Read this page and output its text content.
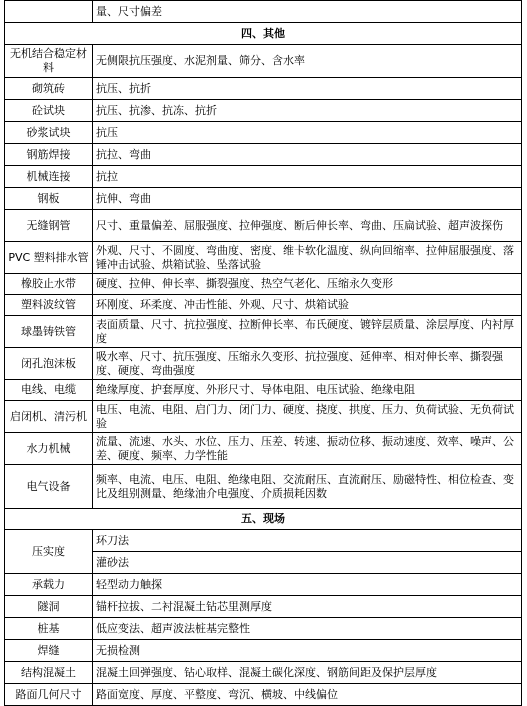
	量、尺寸偏差
四、其他	
无机结合稳定材料	无侧限抗压强度、水泥剂量、筛分、含水率
砌筑砖	抗压、抗折
砼试块	抗压、抗渗、抗冻、抗折
砂浆试块	抗压
钢筋焊接	抗拉、弯曲
机械连接	抗拉
钢板	抗伸、弯曲
无缝钢管	尺寸、重量偏差、屈服强度、拉伸强度、断后伸长率、弯曲、压扁试验、超声波探伤
PVC 塑料排水管	外观、尺寸、不圆度、弯曲度、密度、维卡软化温度、纵向回缩率、拉伸屈服强度、落锤冲击试验、烘箱试验、坠落试验
橡胶止水带	硬度、拉伸、伸长率、撕裂强度、热空气老化、压缩永久变形
塑料波纹管	环刚度、环柔度、冲击性能、外观、尺寸、烘箱试验
球墨铸铁管	表面质量、尺寸、抗拉强度、拉断伸长率、布氏硬度、镀锌层质量、涂层厚度、内衬厚度
闭孔泡沫板	吸水率、尺寸、抗压强度、压缩永久变形、抗拉强度、延伸率、相对伸长率、撕裂强度、硬度、弯曲强度
电线、电缆	绝缘厚度、护套厚度、外形尺寸、导体电阻、电压试验、绝缘电阻
启闭机、清污机	电压、电流、电阻、启门力、闭门力、硬度、挠度、拱度、压力、负荷试验、无负荷试验
水力机械	流量、流速、水头、水位、压力、压差、转速、振动位移、振动速度、效率、噪声、公差、硬度、频率、力学性能
电气设备	频率、电流、电压、电阻、绝缘电阻、交流耐压、直流耐压、励磁特性、相位检查、变比及组别测量、绝缘油介电强度、介质损耗因数
五、现场	
压实度	环刀法
	灌砂法
承载力	轻型动力触探
隧洞	锚杆拉拔、二衬混凝土钻芯里测厚度
桩基	低应变法、超声波法桩基完整性
焊缝	无损检测
结构混凝土	混凝土回弹强度、钻心取样、混凝土碳化深度、钢筋间距及保护层厚度
路面几何尺寸	路面宽度、厚度、平整度、弯沉、横坡、中线偏位
